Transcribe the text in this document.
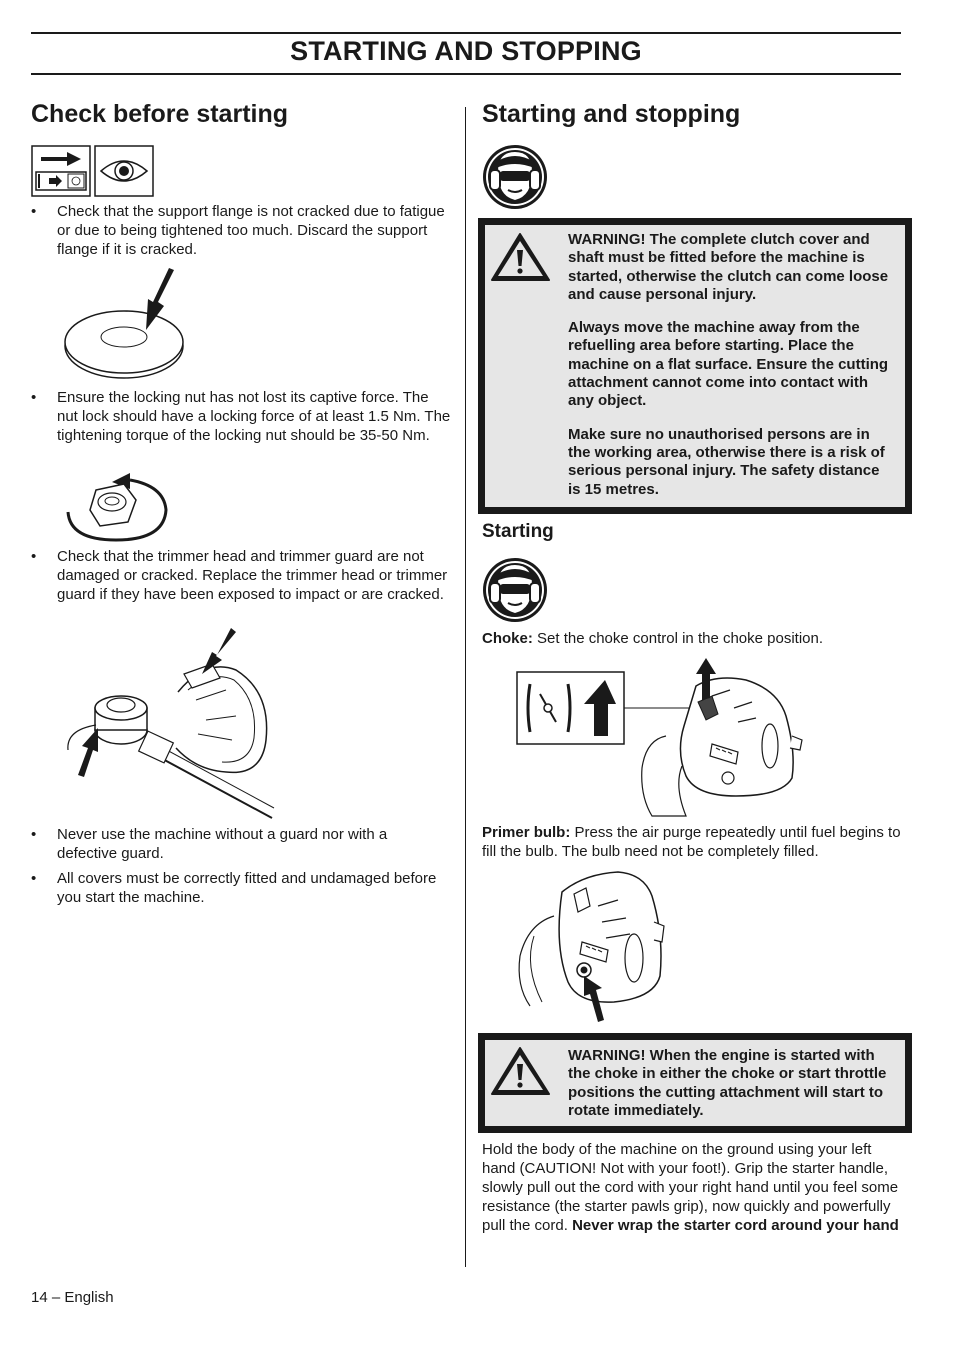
STARTING AND STOPPING
Check before starting
• Check that the support flange is not cracked due to fatigue or due to being tightened too much. Discard the support flange if it is cracked.
• Ensure the locking nut has not lost its captive force. The nut lock should have a locking force of at least 1.5 Nm. The tightening torque of the locking nut should be 35-50 Nm.
• Check that the trimmer head and trimmer guard are not damaged or cracked. Replace the trimmer head or trimmer guard if they have been exposed to impact or are cracked.
• Never use the machine without a guard nor with a defective guard.
• All covers must be correctly fitted and undamaged before you start the machine.
Starting and stopping

WARNING! The complete clutch cover and shaft must be fitted before the machine is started, otherwise the clutch can come loose and cause personal injury.

Always move the machine away from the refuelling area before starting. Place the machine on a flat surface. Ensure the cutting attachment cannot come into contact with any object.

Make sure no unauthorised persons are in the working area, otherwise there is a risk of serious personal injury. The safety distance is 15 metres.

Starting
Choke: Set the choke control in the choke position.
Primer bulb: Press the air purge repeatedly until fuel begins to fill the bulb. The bulb need not be completely filled.
WARNING! When the engine is started with the choke in either the choke or start throttle positions the cutting attachment will start to rotate immediately.
Hold the body of the machine on the ground using your left hand (CAUTION! Not with your foot!). Grip the starter handle, slowly pull out the cord with your right hand until you feel some resistance (the starter pawls grip), now quickly and powerfully pull the cord. Never wrap the starter cord around your hand
14 – English
